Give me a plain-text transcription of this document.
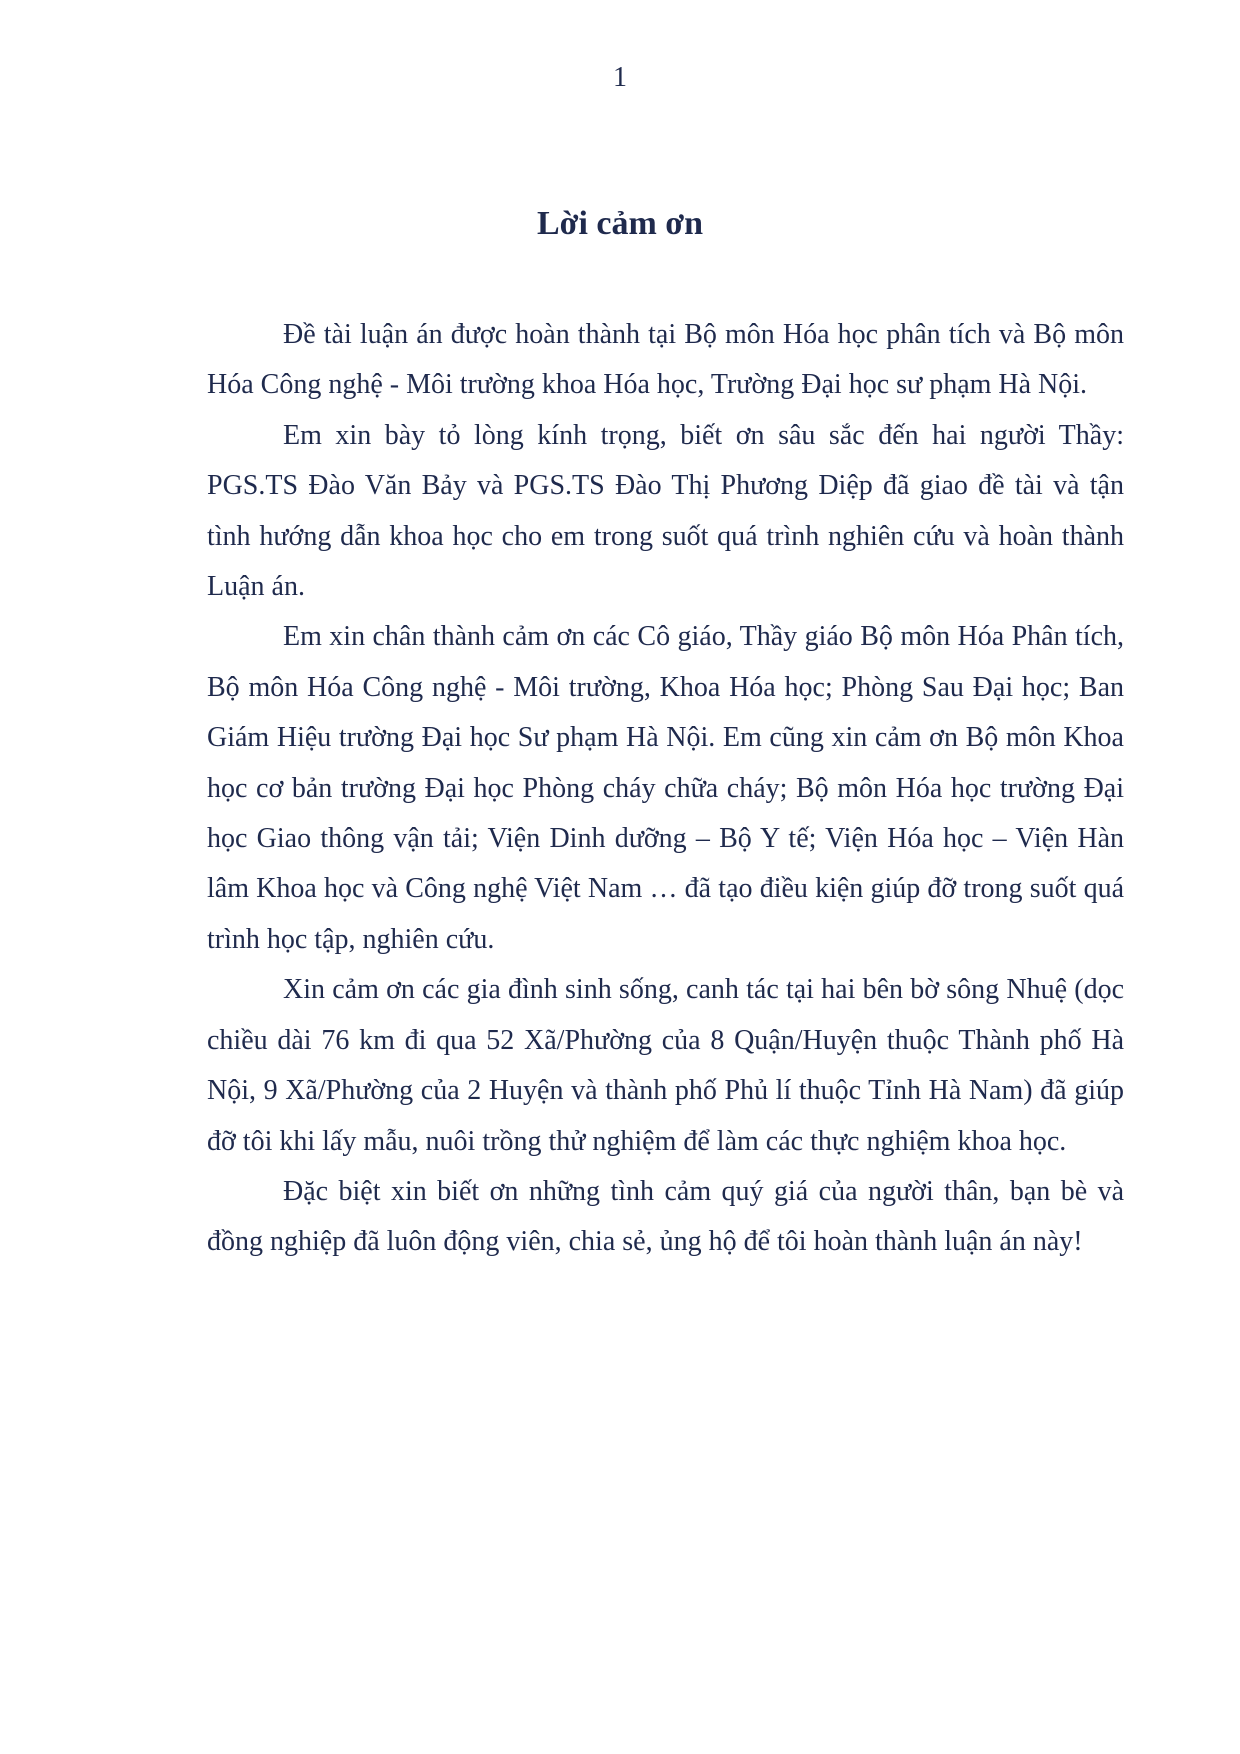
1
Lời cảm ơn

Đề tài luận án được hoàn thành tại Bộ môn Hóa học phân tích và Bộ môn Hóa Công nghệ - Môi trường khoa Hóa học, Trường Đại học sư phạm Hà Nội.

Em xin bày tỏ lòng kính trọng, biết ơn sâu sắc đến hai người Thầy: PGS.TS Đào Văn Bảy và PGS.TS Đào Thị Phương Diệp đã giao đề tài và tận tình hướng dẫn khoa học cho em trong suốt quá trình nghiên cứu và hoàn thành Luận án.

Em xin chân thành cảm ơn các Cô giáo, Thầy giáo Bộ môn Hóa Phân tích, Bộ môn Hóa Công nghệ - Môi trường, Khoa Hóa học; Phòng Sau Đại học; Ban Giám Hiệu trường Đại học Sư phạm Hà Nội. Em cũng xin cảm ơn Bộ môn Khoa học cơ bản trường Đại học Phòng cháy chữa cháy; Bộ môn Hóa học trường Đại học Giao thông vận tải; Viện Dinh dưỡng – Bộ Y tế; Viện Hóa học – Viện Hàn lâm Khoa học và Công nghệ Việt Nam … đã tạo điều kiện giúp đỡ trong suốt quá trình học tập, nghiên cứu.

Xin cảm ơn các gia đình sinh sống, canh tác tại hai bên bờ sông Nhuệ (dọc chiều dài 76 km đi qua 52 Xã/Phường của 8 Quận/Huyện thuộc Thành phố Hà Nội, 9 Xã/Phường của 2 Huyện và thành phố Phủ lí thuộc Tỉnh Hà Nam) đã giúp đỡ tôi khi lấy mẫu, nuôi trồng thử nghiệm để làm các thực nghiệm khoa học.

Đặc biệt xin biết ơn những tình cảm quý giá của người thân, bạn bè và đồng nghiệp đã luôn động viên, chia sẻ, ủng hộ để tôi hoàn thành luận án này!
